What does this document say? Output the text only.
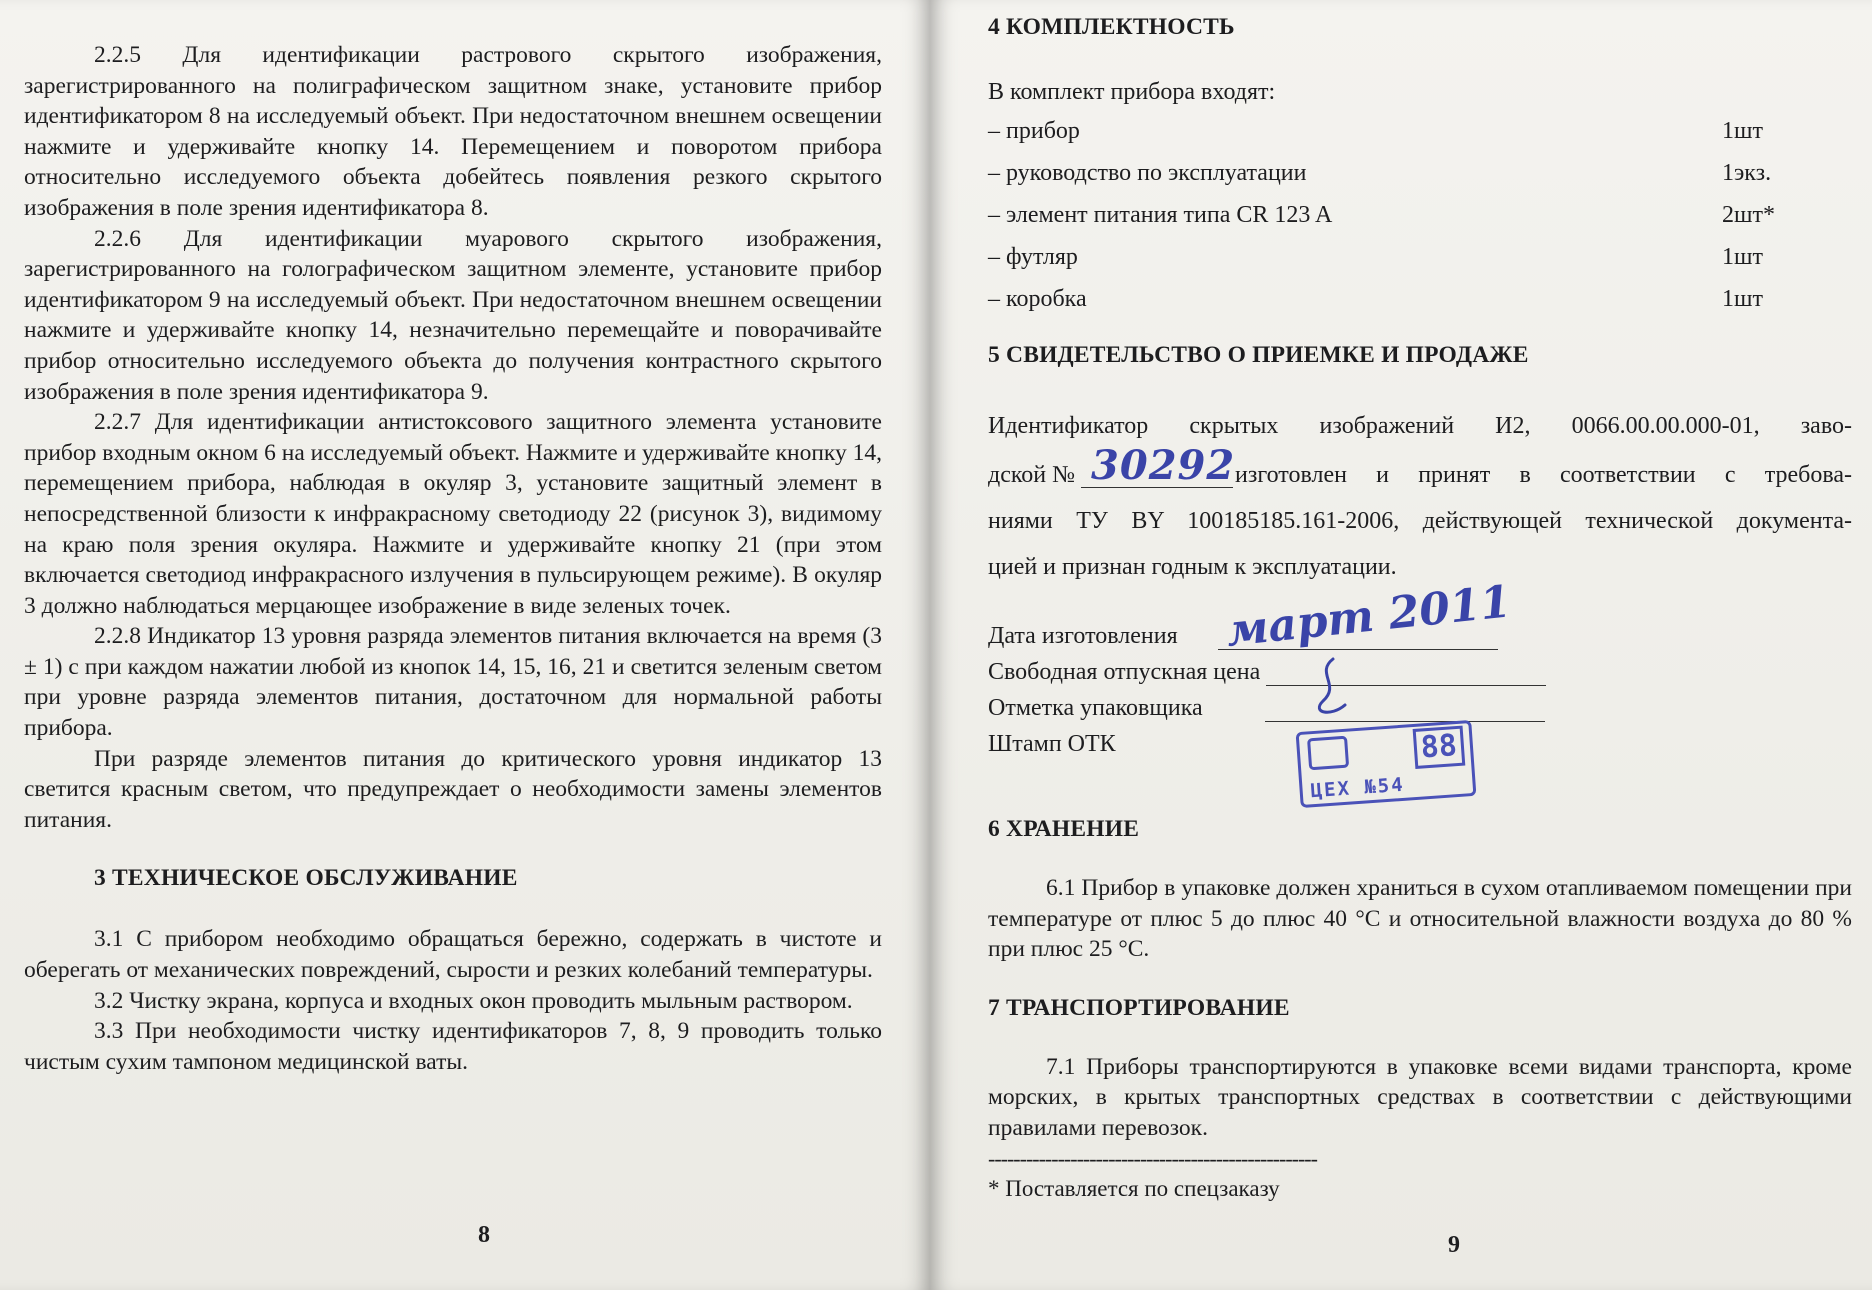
2.2.5 Для идентификации растрового скрытого изображения, зарегистрированного на полиграфическом защитном знаке, установите прибор идентификатором 8 на исследуемый объект. При недостаточном внешнем освещении нажмите и удерживайте кнопку 14. Перемещением и поворотом прибора относительно исследуемого объекта добейтесь появления резкого скрытого изображения в поле зрения идентификатора 8.

2.2.6 Для идентификации муарового скрытого изображения, зарегистрированного на голографическом защитном элементе, установите прибор идентификатором 9 на исследуемый объект. При недостаточном внешнем освещении нажмите и удерживайте кнопку 14, незначительно перемещайте и поворачивайте прибор относительно исследуемого объекта до получения контрастного скрытого изображения в поле зрения идентификатора 9.

2.2.7 Для идентификации антистоксового защитного элемента установите прибор входным окном 6 на исследуемый объект. Нажмите и удерживайте кнопку 14, перемещением прибора, наблюдая в окуляр 3, установите защитный элемент в непосредственной близости к инфракрасному светодиоду 22 (рисунок 3), видимому на краю поля зрения окуляра. Нажмите и удерживайте кнопку 21 (при этом включается светодиод инфракрасного излучения в пульсирующем режиме). В окуляр 3 должно наблюдаться мерцающее изображение в виде зеленых точек.

2.2.8 Индикатор 13 уровня разряда элементов питания включается на время (3 ± 1) с при каждом нажатии любой из кнопок 14, 15, 16, 21 и светится зеленым светом при уровне разряда элементов питания, достаточном для нормальной работы прибора.

При разряде элементов питания до критического уровня индикатор 13 светится красным светом, что предупреждает о необходимости замены элементов питания.

3 ТЕХНИЧЕСКОЕ ОБСЛУЖИВАНИЕ

3.1 С прибором необходимо обращаться бережно, содержать в чистоте и оберегать от механических повреждений, сырости и резких колебаний температуры.

3.2 Чистку экрана, корпуса и входных окон проводить мыльным раствором.

3.3 При необходимости чистку идентификаторов 7, 8, 9 проводить только чистым сухим тампоном медицинской ваты.

8
4 КОМПЛЕКТНОСТЬ
В комплект прибора входят:
– прибор	1шт
– руководство по эксплуатации	1экз.
– элемент питания типа CR 123 A	2шт*
– футляр	1шт
– коробка	1шт
5 СВИДЕТЕЛЬСТВО О ПРИЕМКЕ И ПРОДАЖЕ
Идентификатор скрытых изображений И2, 0066.00.00.000-01, заво-
дской № 30292 изготовлен и принят в соответствии с требова-
ниями ТУ BY 100185185.161-2006, действующей технической документа-
цией и признан годным к эксплуатации.
Дата изготовления март 2011
Свободная отпускная цена
Отметка упаковщика
Штамп ОТК	88
ЦЕХ №54
6 ХРАНЕНИЕ

6.1 Прибор в упаковке должен храниться в сухом отапливаемом помещении при температуре от плюс 5 до плюс 40 °С и относительной влажности воздуха до 80 % при плюс 25 °С.

7 ТРАНСПОРТИРОВАНИЕ

7.1 Приборы транспортируются в упаковке всеми видами транспорта, кроме морских, в крытых транспортных средствах в соответствии с действующими правилами перевозок.

----------------------------------------------------
* Поставляется по спецзаказу
9
